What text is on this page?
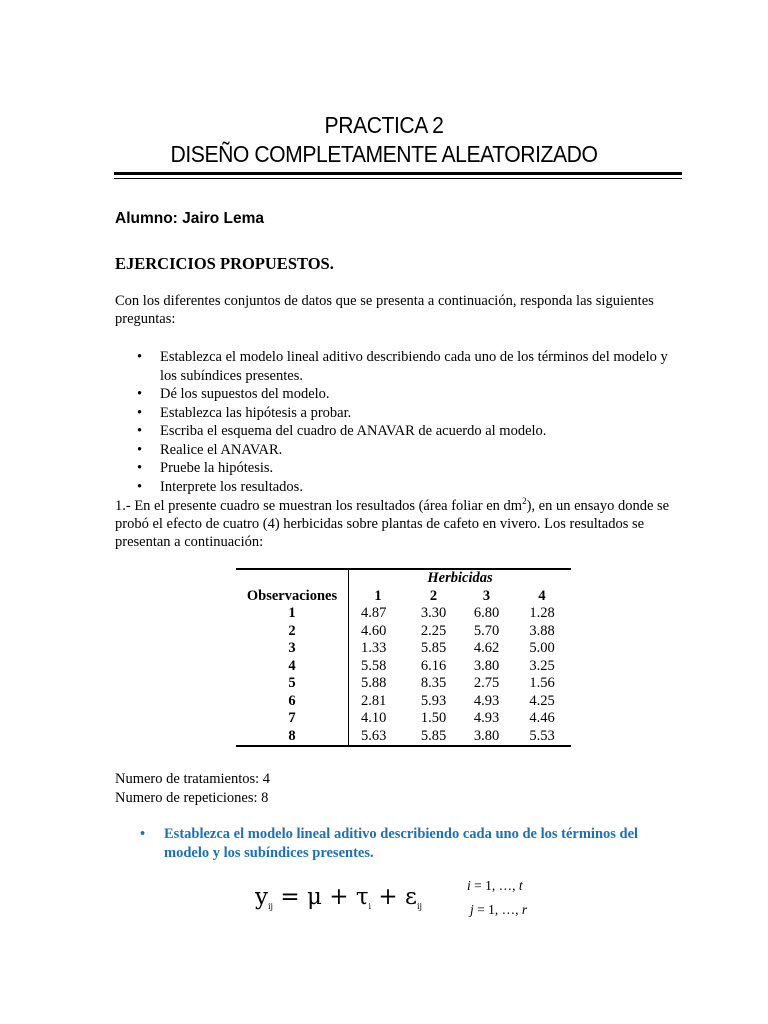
PRACTICA 2
DISEÑO COMPLETAMENTE ALEATORIZADO
Alumno: Jairo Lema
EJERCICIOS PROPUESTOS.
Con los diferentes conjuntos de datos que se presenta a continuación, responda las siguientes preguntas:
• Establezca el modelo lineal aditivo describiendo cada uno de los términos del modelo y los subíndices presentes.
• Dé los supuestos del modelo.
• Establezca las hipótesis a probar.
• Escriba el esquema del cuadro de ANAVAR de acuerdo al modelo.
• Realice el ANAVAR.
• Pruebe la hipótesis.
• Interprete los resultados.
1.- En el presente cuadro se muestran los resultados (área foliar en $dm^2$), en un ensayo donde se probó el efecto de cuatro (4) herbicidas sobre plantas de cafeto en vivero. Los resultados se presentan a continuación:
	Herbicidas			
Observaciones	1	2	3	4
1	4.87	3.30	6.80	1.28
2	4.60	2.25	5.70	3.88
3	1.33	5.85	4.62	5.00
4	5.58	6.16	3.80	3.25
5	5.88	8.35	2.75	1.56
6	2.81	5.93	4.93	4.25
7	4.10	1.50	4.93	4.46
8	5.63	5.85	3.80	5.53
Numero de tratamientos: 4
Numero de repeticiones: 8
•	Establezca el modelo lineal aditivo describiendo cada uno de los términos del modelo y los subíndices presentes.
$y_{ij} = \mu + \tau_i + \varepsilon_{ij}$
i = 1, …, t
j = 1, …, r
